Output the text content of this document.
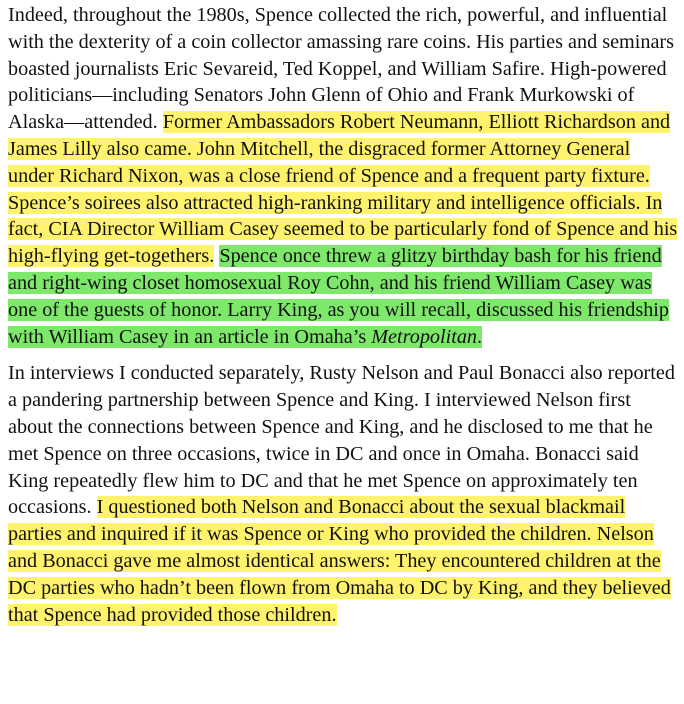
Indeed, throughout the 1980s, Spence collected the rich, powerful, and influential with the dexterity of a coin collector amassing rare coins. His parties and seminars boasted journalists Eric Sevareid, Ted Koppel, and William Safire. High-powered politicians—including Senators John Glenn of Ohio and Frank Murkowski of Alaska—attended. Former Ambassadors Robert Neumann, Elliott Richardson and James Lilly also came. John Mitchell, the disgraced former Attorney General under Richard Nixon, was a close friend of Spence and a frequent party fixture. Spence’s soirees also attracted high-ranking military and intelligence officials. In fact, CIA Director William Casey seemed to be particularly fond of Spence and his high-flying get-togethers. Spence once threw a glitzy birthday bash for his friend and right-wing closet homosexual Roy Cohn, and his friend William Casey was one of the guests of honor. Larry King, as you will recall, discussed his friendship with William Casey in an article in Omaha’s Metropolitan.

In interviews I conducted separately, Rusty Nelson and Paul Bonacci also reported a pandering partnership between Spence and King. I interviewed Nelson first about the connections between Spence and King, and he disclosed to me that he met Spence on three occasions, twice in DC and once in Omaha. Bonacci said King repeatedly flew him to DC and that he met Spence on approximately ten occasions. I questioned both Nelson and Bonacci about the sexual blackmail parties and inquired if it was Spence or King who provided the children. Nelson and Bonacci gave me almost identical answers: They encountered children at the DC parties who hadn’t been flown from Omaha to DC by King, and they believed that Spence had provided those children.
